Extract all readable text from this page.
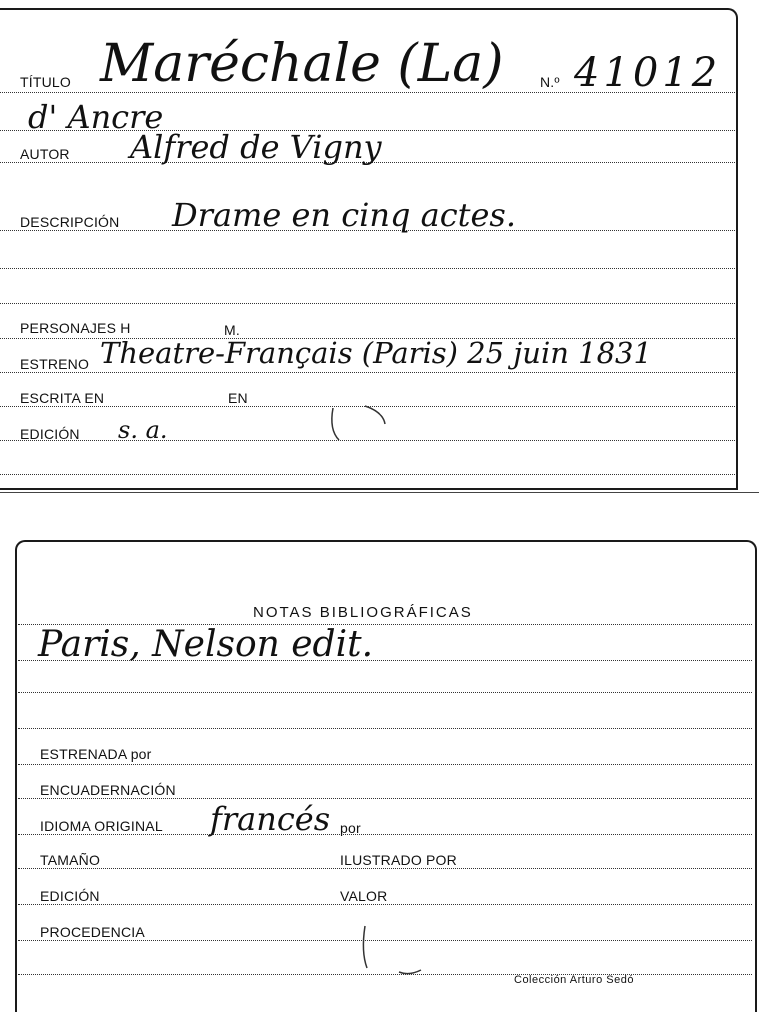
TÍTULO Maréchale (La)	N.º 41012
d' Ancre
AUTOR Alfred de Vigny
DESCRIPCIÓN Drame en cinq actes.
PERSONAJES H	M.
ESTRENO Theatre-Français (Paris) 25 juin 1831
ESCRITA EN	EN
EDICIÓN s. a.
NOTAS BIBLIOGRÁFICAS
Paris, Nelson edit.
ESTRENADA por
ENCUADERNACIÓN
IDIOMA ORIGINAL francés por
TAMAÑO	ILUSTRADO POR
EDICIÓN	VALOR
PROCEDENCIA
Colección Arturo Sedó
